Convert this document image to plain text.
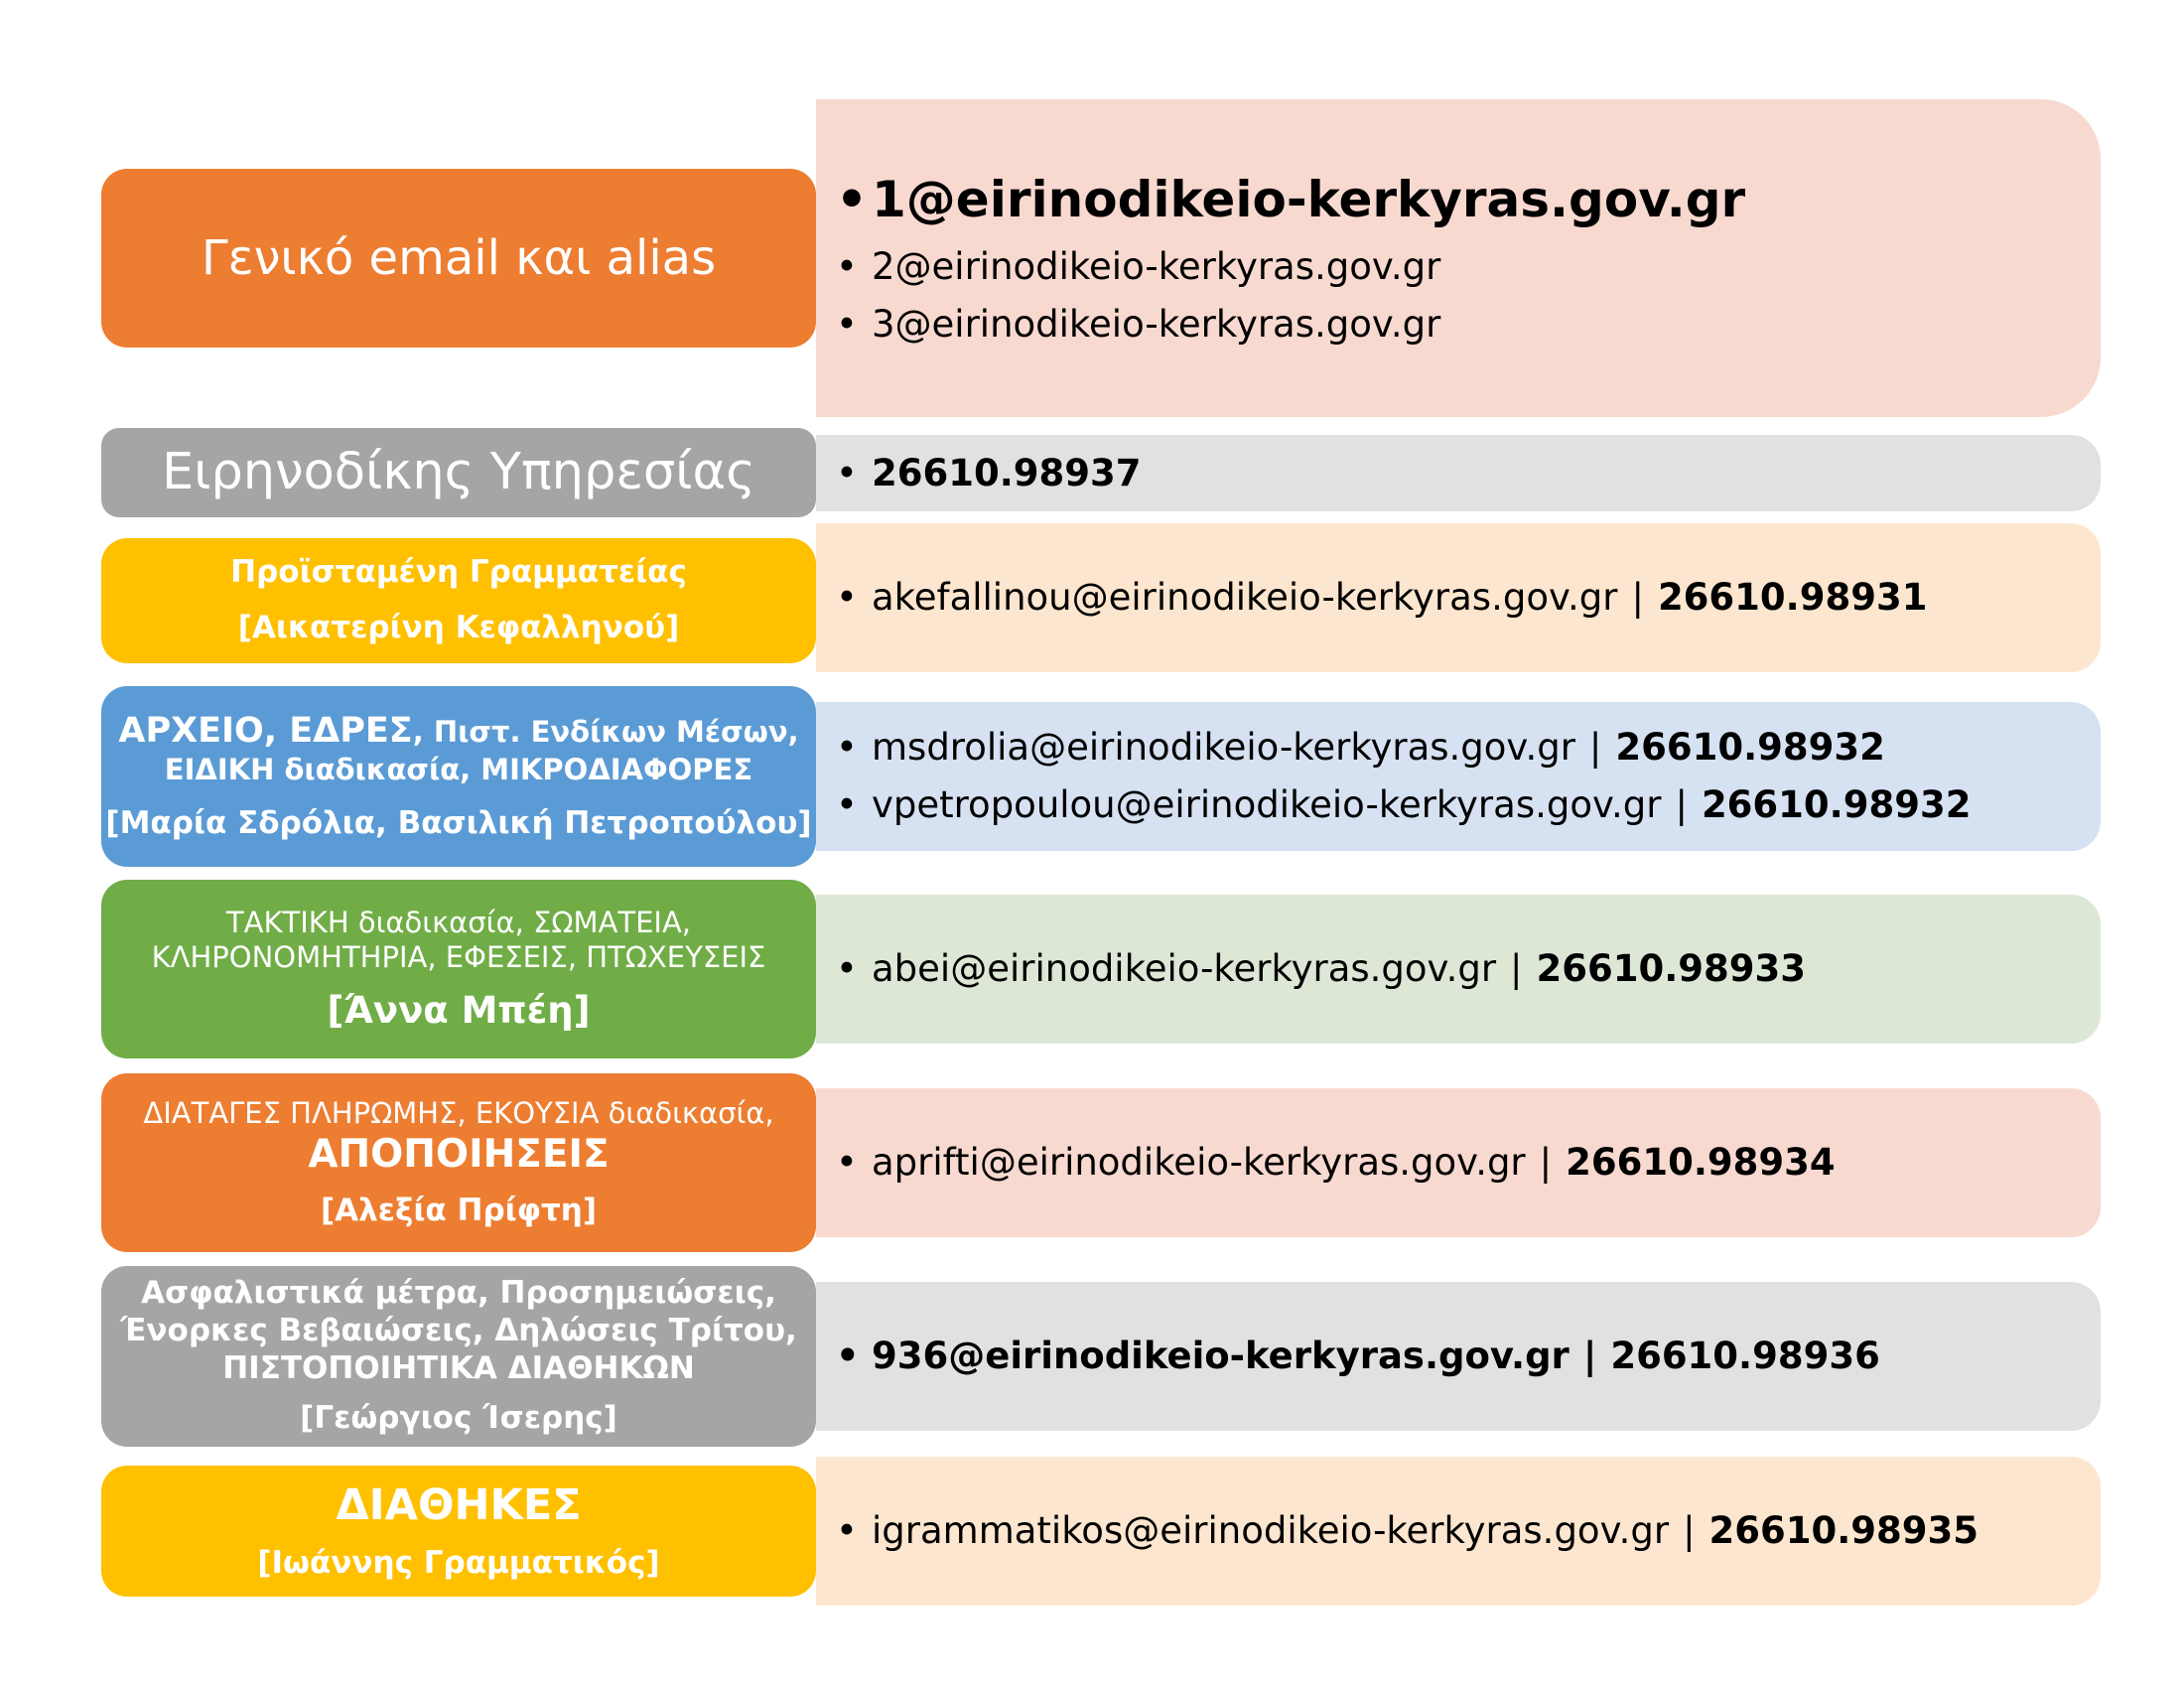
• 1@eirinodikeio-kerkyras.gov.gr
• 2@eirinodikeio-kerkyras.gov.gr
• 3@eirinodikeio-kerkyras.gov.gr
Γενικό email και alias
• 26610.98937
Ειρηνοδίκης Υπηρεσίας
• akefallinou@eirinodikeio-kerkyras.gov.gr | 26610.98931
Προϊσταμένη Γραμματείας
[Αικατερίνη Κεφαλληνού]
• msdrolia@eirinodikeio-kerkyras.gov.gr | 26610.98932
• vpetropoulou@eirinodikeio-kerkyras.gov.gr | 26610.98932
ΑΡΧΕΙΟ, ΕΔΡΕΣ, Πιστ. Ενδίκων Μέσων,
ΕΙΔΙΚΗ διαδικασία, ΜΙΚΡΟΔΙΑΦΟΡΕΣ
[Μαρία Σδρόλια, Βασιλική Πετροπούλου]
• abei@eirinodikeio-kerkyras.gov.gr | 26610.98933
ΤΑΚΤΙΚΗ διαδικασία, ΣΩΜΑΤΕΙΑ,
ΚΛΗΡΟΝΟΜΗΤΗΡΙΑ, ΕΦΕΣΕΙΣ, ΠΤΩΧΕΥΣΕΙΣ
[Άννα Μπέη]
• aprifti@eirinodikeio-kerkyras.gov.gr | 26610.98934
ΔΙΑΤΑΓΕΣ ΠΛΗΡΩΜΗΣ, ΕΚΟΥΣΙΑ διαδικασία,
ΑΠΟΠΟΙΗΣΕΙΣ
[Αλεξία Πρίφτη]
• 936@eirinodikeio-kerkyras.gov.gr | 26610.98936
Ασφαλιστικά μέτρα, Προσημειώσεις,
Ένορκες Βεβαιώσεις, Δηλώσεις Τρίτου,
ΠΙΣΤΟΠΟΙΗΤΙΚΑ ΔΙΑΘΗΚΩΝ
[Γεώργιος Ίσερης]
• igrammatikos@eirinodikeio-kerkyras.gov.gr | 26610.98935
ΔΙΑΘΗΚΕΣ
[Ιωάννης Γραμματικός]
